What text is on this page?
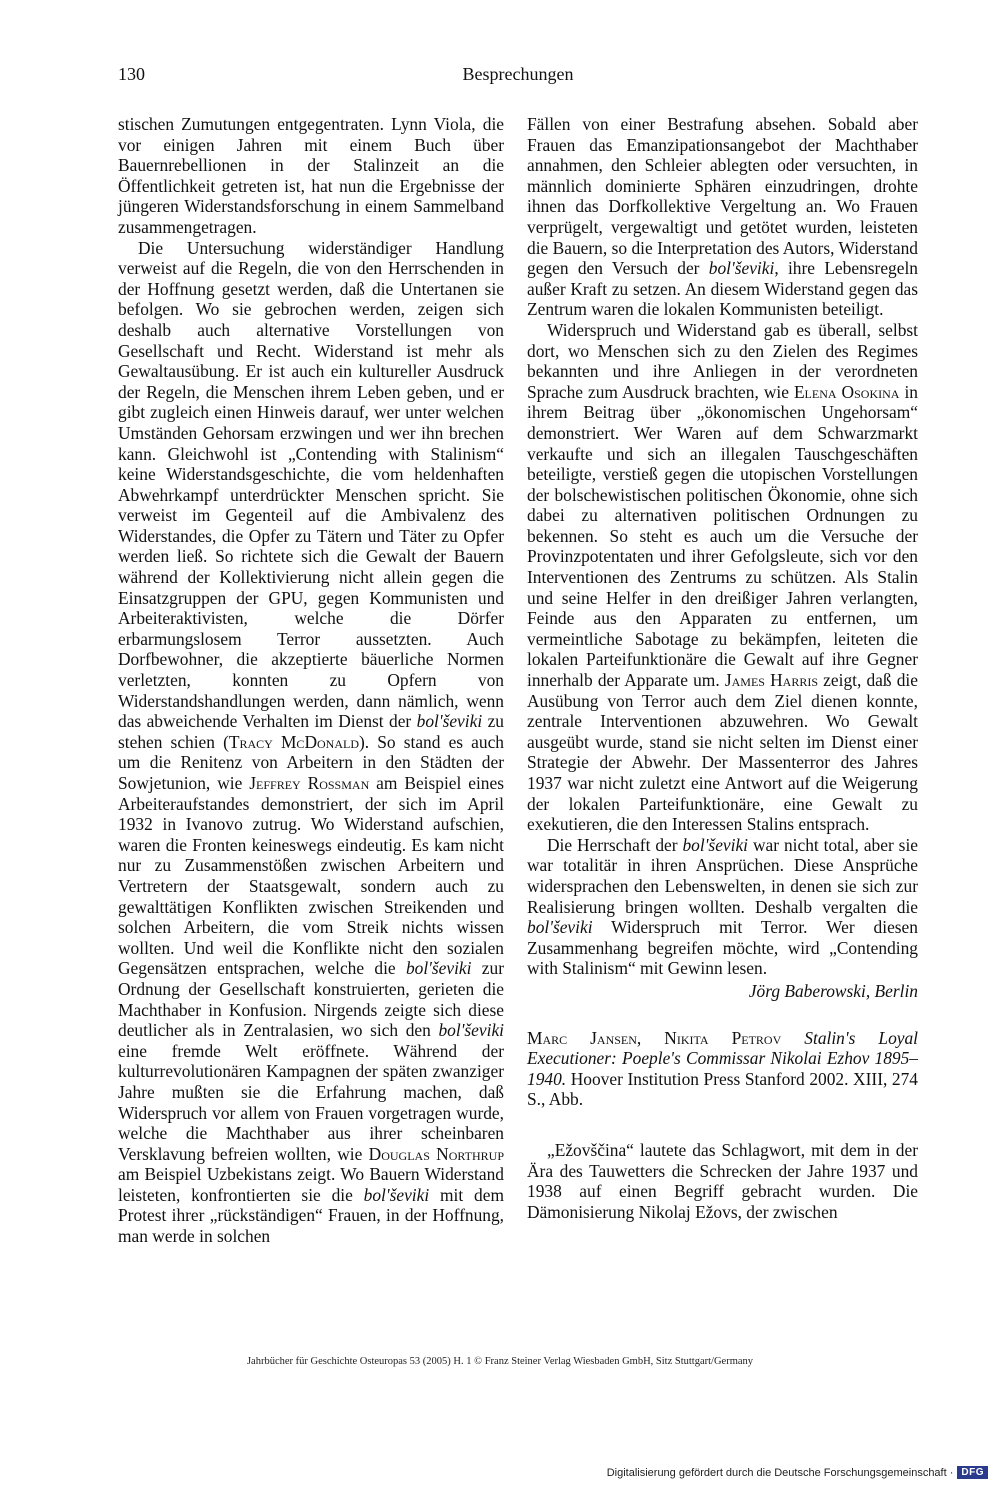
130	Besprechungen

stischen Zumutungen entgegentraten. Lynn Viola, die vor einigen Jahren mit einem Buch über Bauernrebellionen in der Stalinzeit an die Öffentlichkeit getreten ist, hat nun die Ergebnisse der jüngeren Widerstandsforschung in einem Sammelband zusammengetragen.

Die Untersuchung widerständiger Handlung verweist auf die Regeln, die von den Herrschenden in der Hoffnung gesetzt werden, daß die Untertanen sie befolgen. Wo sie gebrochen werden, zeigen sich deshalb auch alternative Vorstellungen von Gesellschaft und Recht. Widerstand ist mehr als Gewaltausübung. Er ist auch ein kultureller Ausdruck der Regeln, die Menschen ihrem Leben geben, und er gibt zugleich einen Hinweis darauf, wer unter welchen Umständen Gehorsam erzwingen und wer ihn brechen kann. Gleichwohl ist „Contending with Stalinism“ keine Widerstandsgeschichte, die vom heldenhaften Abwehrkampf unterdrückter Menschen spricht. Sie verweist im Gegenteil auf die Ambivalenz des Widerstandes, die Opfer zu Tätern und Täter zu Opfer werden ließ. So richtete sich die Gewalt der Bauern während der Kollektivierung nicht allein gegen die Einsatzgruppen der GPU, gegen Kommunisten und Arbeiteraktivisten, welche die Dörfer erbarmungslosem Terror aussetzten. Auch Dorfbewohner, die akzeptierte bäuerliche Normen verletzten, konnten zu Opfern von Widerstandshandlungen werden, dann nämlich, wenn das abweichende Verhalten im Dienst der bol'ševiki zu stehen schien (Tracy McDonald). So stand es auch um die Renitenz von Arbeitern in den Städten der Sowjetunion, wie Jeffrey Rossman am Beispiel eines Arbeiteraufstandes demonstriert, der sich im April 1932 in Ivanovo zutrug. Wo Widerstand aufschien, waren die Fronten keineswegs eindeutig. Es kam nicht nur zu Zusammenstößen zwischen Arbeitern und Vertretern der Staatsgewalt, sondern auch zu gewalttätigen Konflikten zwischen Streikenden und solchen Arbeitern, die vom Streik nichts wissen wollten. Und weil die Konflikte nicht den sozialen Gegensätzen entsprachen, welche die bol'ševiki zur Ordnung der Gesellschaft konstruierten, gerieten die Machthaber in Konfusion. Nirgends zeigte sich diese deutlicher als in Zentralasien, wo sich den bol'ševiki eine fremde Welt eröffnete. Während der kulturrevolutionären Kampagnen der späten zwanziger Jahre mußten sie die Erfahrung machen, daß Widerspruch vor allem von Frauen vorgetragen wurde, welche die Machthaber aus ihrer scheinbaren Versklavung befreien wollten, wie Douglas Northrup am Beispiel Uzbekistans zeigt. Wo Bauern Widerstand leisteten, konfrontierten sie die bol'ševiki mit dem Protest ihrer „rückständigen“ Frauen, in der Hoffnung, man werde in solchen

Fällen von einer Bestrafung absehen. Sobald aber Frauen das Emanzipationsangebot der Machthaber annahmen, den Schleier ablegten oder versuchten, in männlich dominierte Sphären einzudringen, drohte ihnen das Dorfkollektive Vergeltung an. Wo Frauen verprügelt, vergewaltigt und getötet wurden, leisteten die Bauern, so die Interpretation des Autors, Widerstand gegen den Versuch der bol'ševiki, ihre Lebensregeln außer Kraft zu setzen. An diesem Widerstand gegen das Zentrum waren die lokalen Kommunisten beteiligt.

Widerspruch und Widerstand gab es überall, selbst dort, wo Menschen sich zu den Zielen des Regimes bekannten und ihre Anliegen in der verordneten Sprache zum Ausdruck brachten, wie Elena Osokina in ihrem Beitrag über „ökonomischen Ungehorsam“ demonstriert. Wer Waren auf dem Schwarzmarkt verkaufte und sich an illegalen Tauschgeschäften beteiligte, verstieß gegen die utopischen Vorstellungen der bolschewistischen politischen Ökonomie, ohne sich dabei zu alternativen politischen Ordnungen zu bekennen. So steht es auch um die Versuche der Provinzpotentaten und ihrer Gefolgsleute, sich vor den Interventionen des Zentrums zu schützen. Als Stalin und seine Helfer in den dreißiger Jahren verlangten, Feinde aus den Apparaten zu entfernen, um vermeintliche Sabotage zu bekämpfen, leiteten die lokalen Parteifunktionäre die Gewalt auf ihre Gegner innerhalb der Apparate um. James Harris zeigt, daß die Ausübung von Terror auch dem Ziel dienen konnte, zentrale Interventionen abzuwehren. Wo Gewalt ausgeübt wurde, stand sie nicht selten im Dienst einer Strategie der Abwehr. Der Massenterror des Jahres 1937 war nicht zuletzt eine Antwort auf die Weigerung der lokalen Parteifunktionäre, eine Gewalt zu exekutieren, die den Interessen Stalins entsprach.

Die Herrschaft der bol'ševiki war nicht total, aber sie war totalitär in ihren Ansprüchen. Diese Ansprüche widersprachen den Lebenswelten, in denen sie sich zur Realisierung bringen wollten. Deshalb vergalten die bol'ševiki Widerspruch mit Terror. Wer diesen Zusammenhang begreifen möchte, wird „Contending with Stalinism“ mit Gewinn lesen.

Jörg Baberowski, Berlin

Marc Jansen, Nikita Petrov Stalin's Loyal Executioner: Poeple's Commissar Nikolai Ezhov 1895–1940. Hoover Institution Press Stanford 2002. XIII, 274 S., Abb.

„Ežovščina“ lautete das Schlagwort, mit dem in der Ära des Tauwetters die Schrecken der Jahre 1937 und 1938 auf einen Begriff gebracht wurden. Die Dämonisierung Nikolaj Ežovs, der zwischen

Jahrbücher für Geschichte Osteuropas 53 (2005) H. 1 © Franz Steiner Verlag Wiesbaden GmbH, Sitz Stuttgart/Germany
Digitalisierung gefördert durch die Deutsche Forschungsgemeinschaft · DFG
